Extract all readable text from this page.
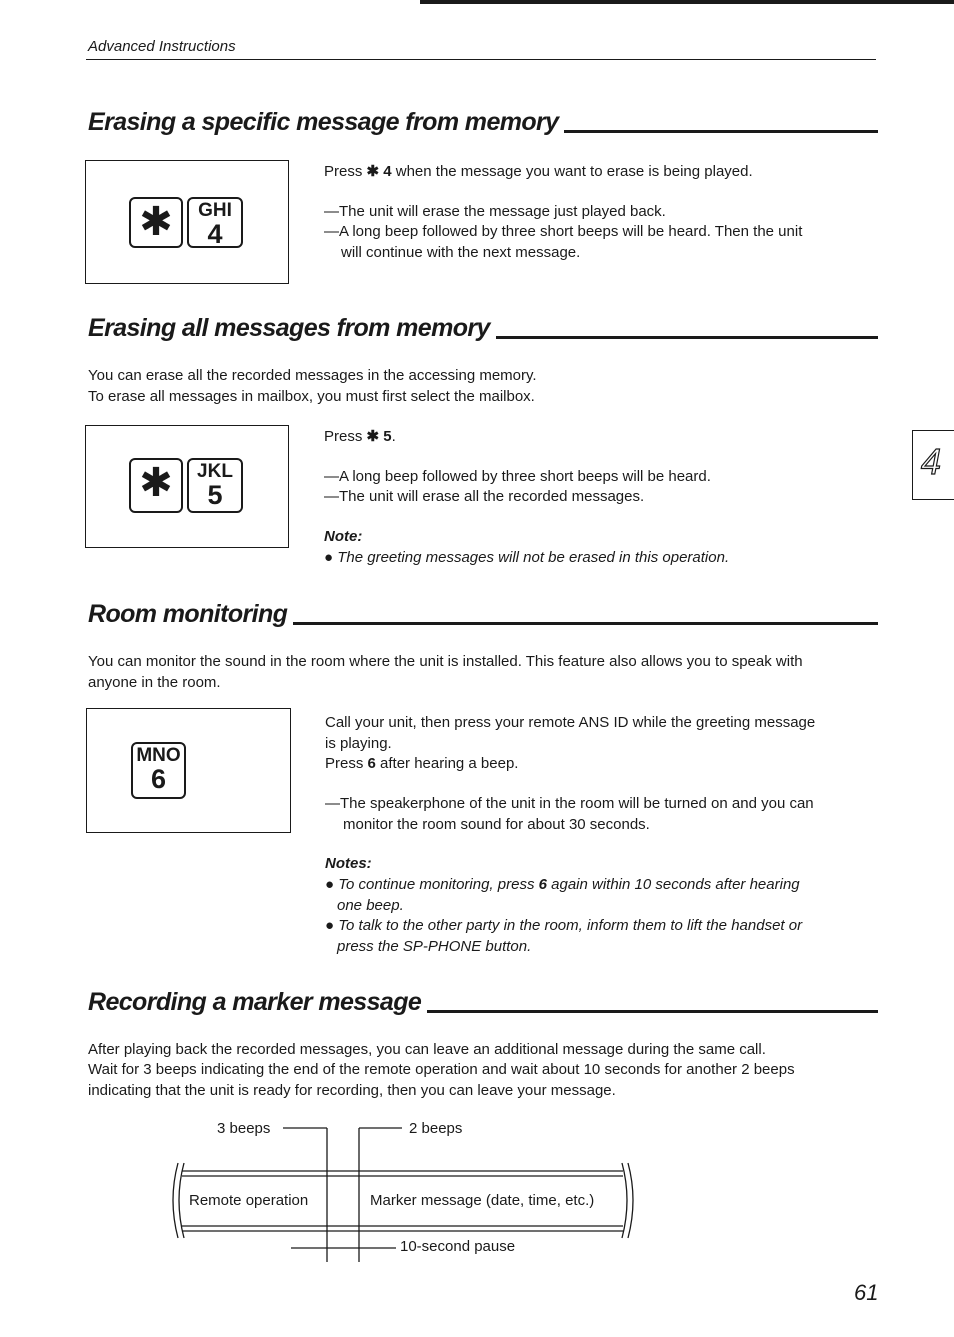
Advanced Instructions
Erasing a specific message from memory
✱	GHI
4
Press ✱ 4 when the message you want to erase is being played.
—The unit will erase the message just played back.
—A long beep followed by three short beeps will be heard. Then the unit
will continue with the next message.
Erasing all messages from memory
You can erase all the recorded messages in the accessing memory.
To erase all messages in mailbox, you must first select the mailbox.
✱	JKL
5
Press ✱ 5.
—A long beep followed by three short beeps will be heard.
—The unit will erase all the recorded messages.
Note:
● The greeting messages will not be erased in this operation.
4
Room monitoring
You can monitor the sound in the room where the unit is installed. This feature also allows you to speak with
anyone in the room.
MNO
6
Call your unit, then press your remote ANS ID while the greeting message
is playing.
Press 6 after hearing a beep.
—The speakerphone of the unit in the room will be turned on and you can
monitor the room sound for about 30 seconds.
Notes:
● To continue monitoring, press 6 again within 10 seconds after hearing
one beep.
● To talk to the other party in the room, inform them to lift the handset or
press the SP-PHONE button.
Recording a marker message
After playing back the recorded messages, you can leave an additional message during the same call.
Wait for 3 beeps indicating the end of the remote operation and wait about 10 seconds for another 2 beeps
indicating that the unit is ready for recording, then you can leave your message.
3 beeps	2 beeps
Remote operation	Marker message (date, time, etc.)
10-second pause
61
